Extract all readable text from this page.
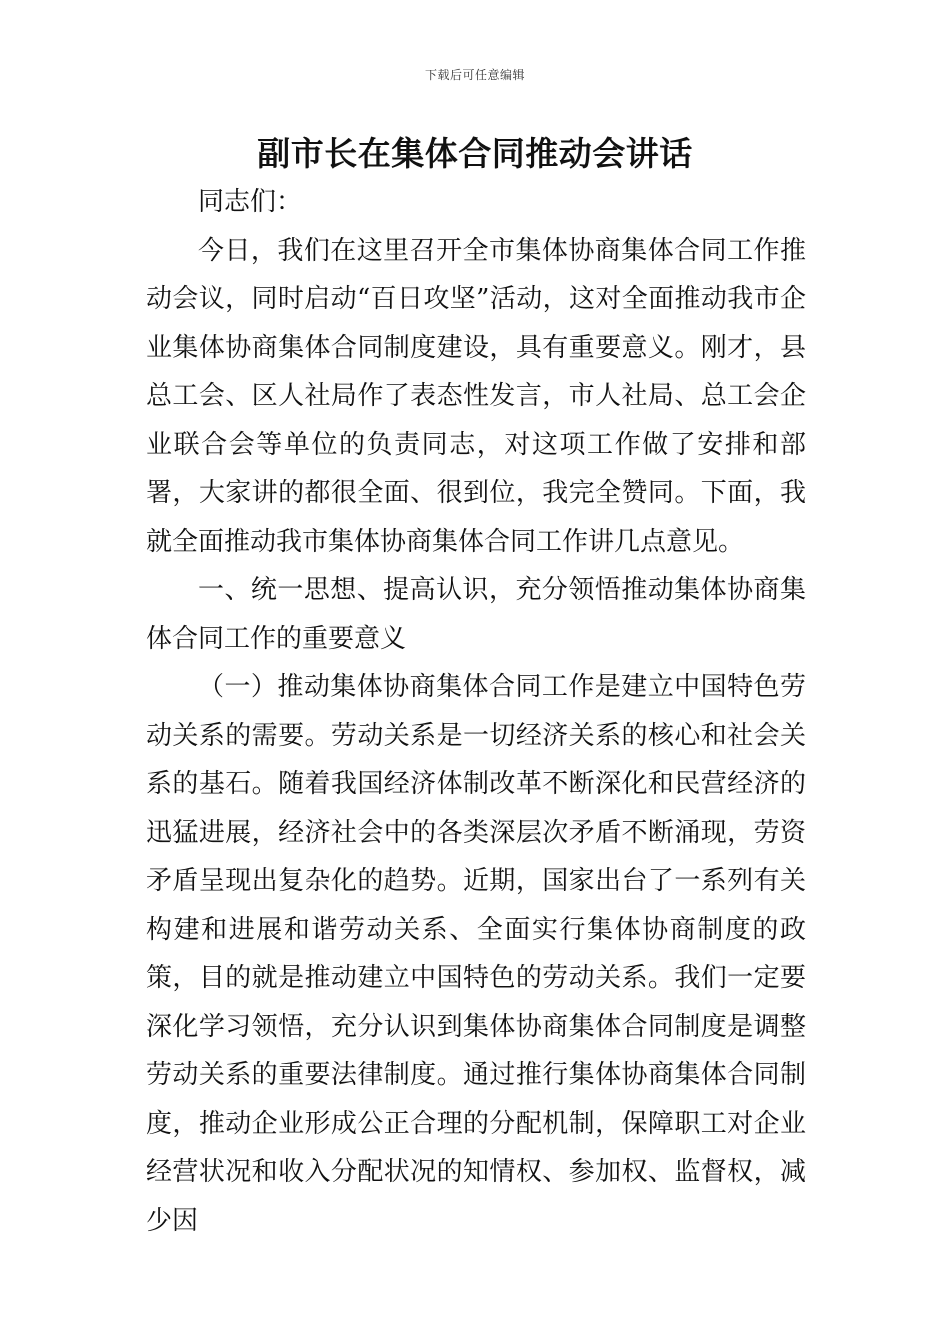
下载后可任意编辑
副市长在集体合同推动会讲话

同志们：

今日，我们在这里召开全市集体协商集体合同工作推动会议，同时启动“百日攻坚”活动，这对全面推动我市企业集体协商集体合同制度建设，具有重要意义。刚才，县总工会、区人社局作了表态性发言，市人社局、总工会企业联合会等单位的负责同志，对这项工作做了安排和部署，大家讲的都很全面、很到位，我完全赞同。下面，我就全面推动我市集体协商集体合同工作讲几点意见。

一、统一思想、提高认识，充分领悟推动集体协商集体合同工作的重要意义

（一）推动集体协商集体合同工作是建立中国特色劳动关系的需要。劳动关系是一切经济关系的核心和社会关系的基石。随着我国经济体制改革不断深化和民营经济的迅猛进展，经济社会中的各类深层次矛盾不断涌现，劳资矛盾呈现出复杂化的趋势。近期，国家出台了一系列有关构建和进展和谐劳动关系、全面实行集体协商制度的政策，目的就是推动建立中国特色的劳动关系。我们一定要深化学习领悟，充分认识到集体协商集体合同制度是调整劳动关系的重要法律制度。通过推行集体协商集体合同制度，推动企业形成公正合理的分配机制，保障职工对企业经营状况和收入分配状况的知情权、参加权、监督权，减少因
